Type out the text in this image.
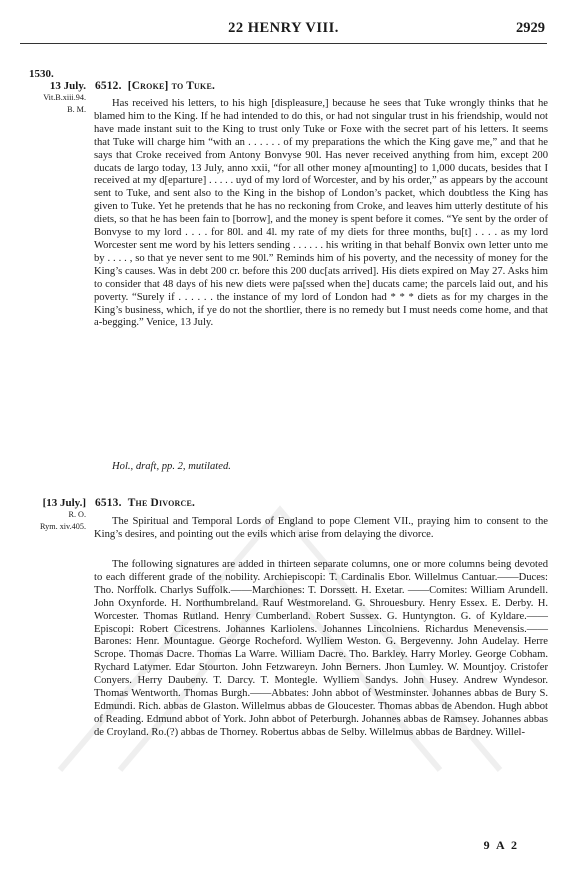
22 HENRY VIII.	2929
1530.
13 July.
Vit.B.xiii.94.
B. M.
6512. [Croke] to Tuke.

Has received his letters, to his high [displeasure,] because he sees that Tuke wrongly thinks that he blamed him to the King. If he had intended to do this, or had not singular trust in his friendship, would not have made instant suit to the King to trust only Tuke or Foxe with the secret part of his letters. It seems that Tuke will charge him “with an . . . . . . of my preparations the which the King gave me,” and that he says that Croke received from Antony Bonvyse 90l. Has never received anything from him, except 200 ducats de largo today, 13 July, anno xxii, “for all other money a[mounting] to 1,000 ducats, besides that I received at my d[eparture] . . . . . uyd of my lord of Worcester, and by his order,” as appears by the account sent to Tuke, and sent also to the King in the bishop of London’s packet, which doubtless the King has given to Tuke. Yet he pretends that he has no reckoning from Croke, and leaves him utterly destitute of his diets, so that he has been fain to [borrow], and the money is spent before it comes. “Ye sent by the order of Bonvyse to my lord . . . . for 80l. and 4l. my rate of my diets for three months, bu[t] . . . . as my lord Worcester sent me word by his letters sending . . . . . . his writing in that behalf Bonvix own letter unto me by . . . . , so that ye never sent to me 90l.” Reminds him of his poverty, and the necessity of money for the King’s causes. Was in debt 200 cr. before this 200 duc[ats arrived]. His diets expired on May 27. Asks him to consider that 48 days of his new diets were pa[ssed when the] ducats came; the parcels laid out, and his poverty. “Surely if . . . . . . the instance of my lord of London had * * * diets as for my charges in the King’s business, which, if ye do not the shortlier, there is no remedy but I must needs come home, and that a-begging.” Venice, 13 July.

Hol., draft, pp. 2, mutilated.
[13 July.]
R. O.
Rym. xiv.405.
6513. The Divorce.

The Spiritual and Temporal Lords of England to pope Clement VII., praying him to consent to the King’s desires, and pointing out the evils which arise from delaying the divorce.

The following signatures are added in thirteen separate columns, one or more columns being devoted to each different grade of the nobility. Archiepiscopi: T. Cardinalis Ebor. Willelmus Cantuar.——Duces: Tho. Norffolk. Charlys Suffolk.——Marchiones: T. Dorssett. H. Exetar. ——Comites: William Arundell. John Oxynforde. H. Northumbreland. Rauf Westmoreland. G. Shrouesbury. Henry Essex. E. Derby. H. Worcester. Thomas Rutland. Henry Cumberland. Robert Sussex. G. Huntyngton. G. of Kyldare.——Episcopi: Robert Cicestrens. Johannes Karliolens. Johannes Lincolniens. Richardus Menevensis.——Barones: Henr. Mountague. George Rocheford. Wylliem Weston. G. Bergevenny. John Audelay. Herre Scrope. Thomas Dacre. Thomas La Warre. William Dacre. Tho. Barkley. Harry Morley. George Cobham. Rychard Latymer. Edar Stourton. John Fetzwareyn. John Berners. Jhon Lumley. W. Mountjoy. Cristofer Conyers. Herry Daubeny. T. Darcy. T. Montegle. Wylliem Sandys. John Husey. Andrew Wyndesor. Thomas Wentworth. Thomas Burgh.——Abbates: John abbot of Westminster. Johannes abbas de Bury S. Edmundi. Rich. abbas de Glaston. Willelmus abbas de Gloucester. Thomas abbas de Abendon. Hugh abbot of Reading. Edmund abbot of York. John abbot of Peterburgh. Johannes abbas de Ramsey. Johannes abbas de Croyland. Ro.(?) abbas de Thorney. Robertus abbas de Selby. Willelmus abbas de Bardney. Willel-

9 A 2
